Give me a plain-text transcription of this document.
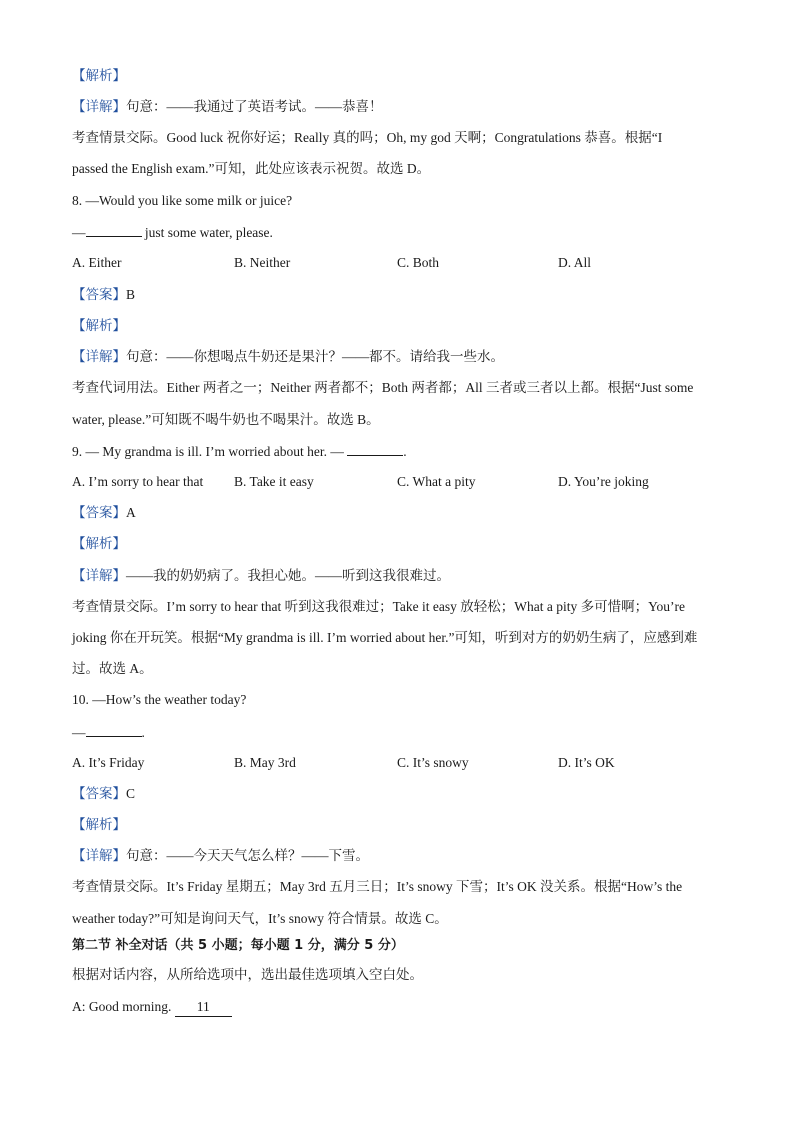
【解析】
【详解】句意：——我通过了英语考试。——恭喜！
考查情景交际。Good luck 祝你好运；Really 真的吗；Oh, my god 天啊；Congratulations 恭喜。根据“I
passed the English exam.”可知，此处应该表示祝贺。故选 D。
8. —Would you like some milk or juice?
—	just some water, please.
A. Either	B. Neither	C. Both	D. All
【答案】B
【解析】
【详解】句意：——你想喝点牛奶还是果汁？——都不。请给我一些水。
考查代词用法。Either 两者之一；Neither 两者都不；Both 两者都；All 三者或三者以上都。根据“Just some
water, please.”可知既不喝牛奶也不喝果汁。故选 B。
9. — My grandma is ill. I’m worried about her. —	.
A. I’m sorry to hear that B. Take it easy	C. What a pity	D. You’re joking
【答案】A
【解析】
【详解】——我的奶奶病了。我担心她。——听到这我很难过。
考查情景交际。I’m sorry to hear that 听到这我很难过；Take it easy 放轻松；What a pity 多可惜啊；You’re
joking 你在开玩笑。根据“My grandma is ill. I’m worried about her.”可知，听到对方的奶奶生病了，应感到难
过。故选 A。
10. —How’s the weather today?
—	.
A. It’s Friday	B. May 3rd	C. It’s snowy	D. It’s OK
【答案】C
【解析】
【详解】句意：——今天天气怎么样？——下雪。
考查情景交际。It’s Friday 星期五；May 3rd 五月三日；It’s snowy 下雪；It’s OK 没关系。根据“How’s the
weather today?”可知是询问天气，It’s snowy 符合情景。故选 C。
第二节 补全对话（共 5 小题；每小题 1 分，满分 5 分）
根据对话内容，从所给选项中，选出最佳选项填入空白处。
A: Good morning. 11
